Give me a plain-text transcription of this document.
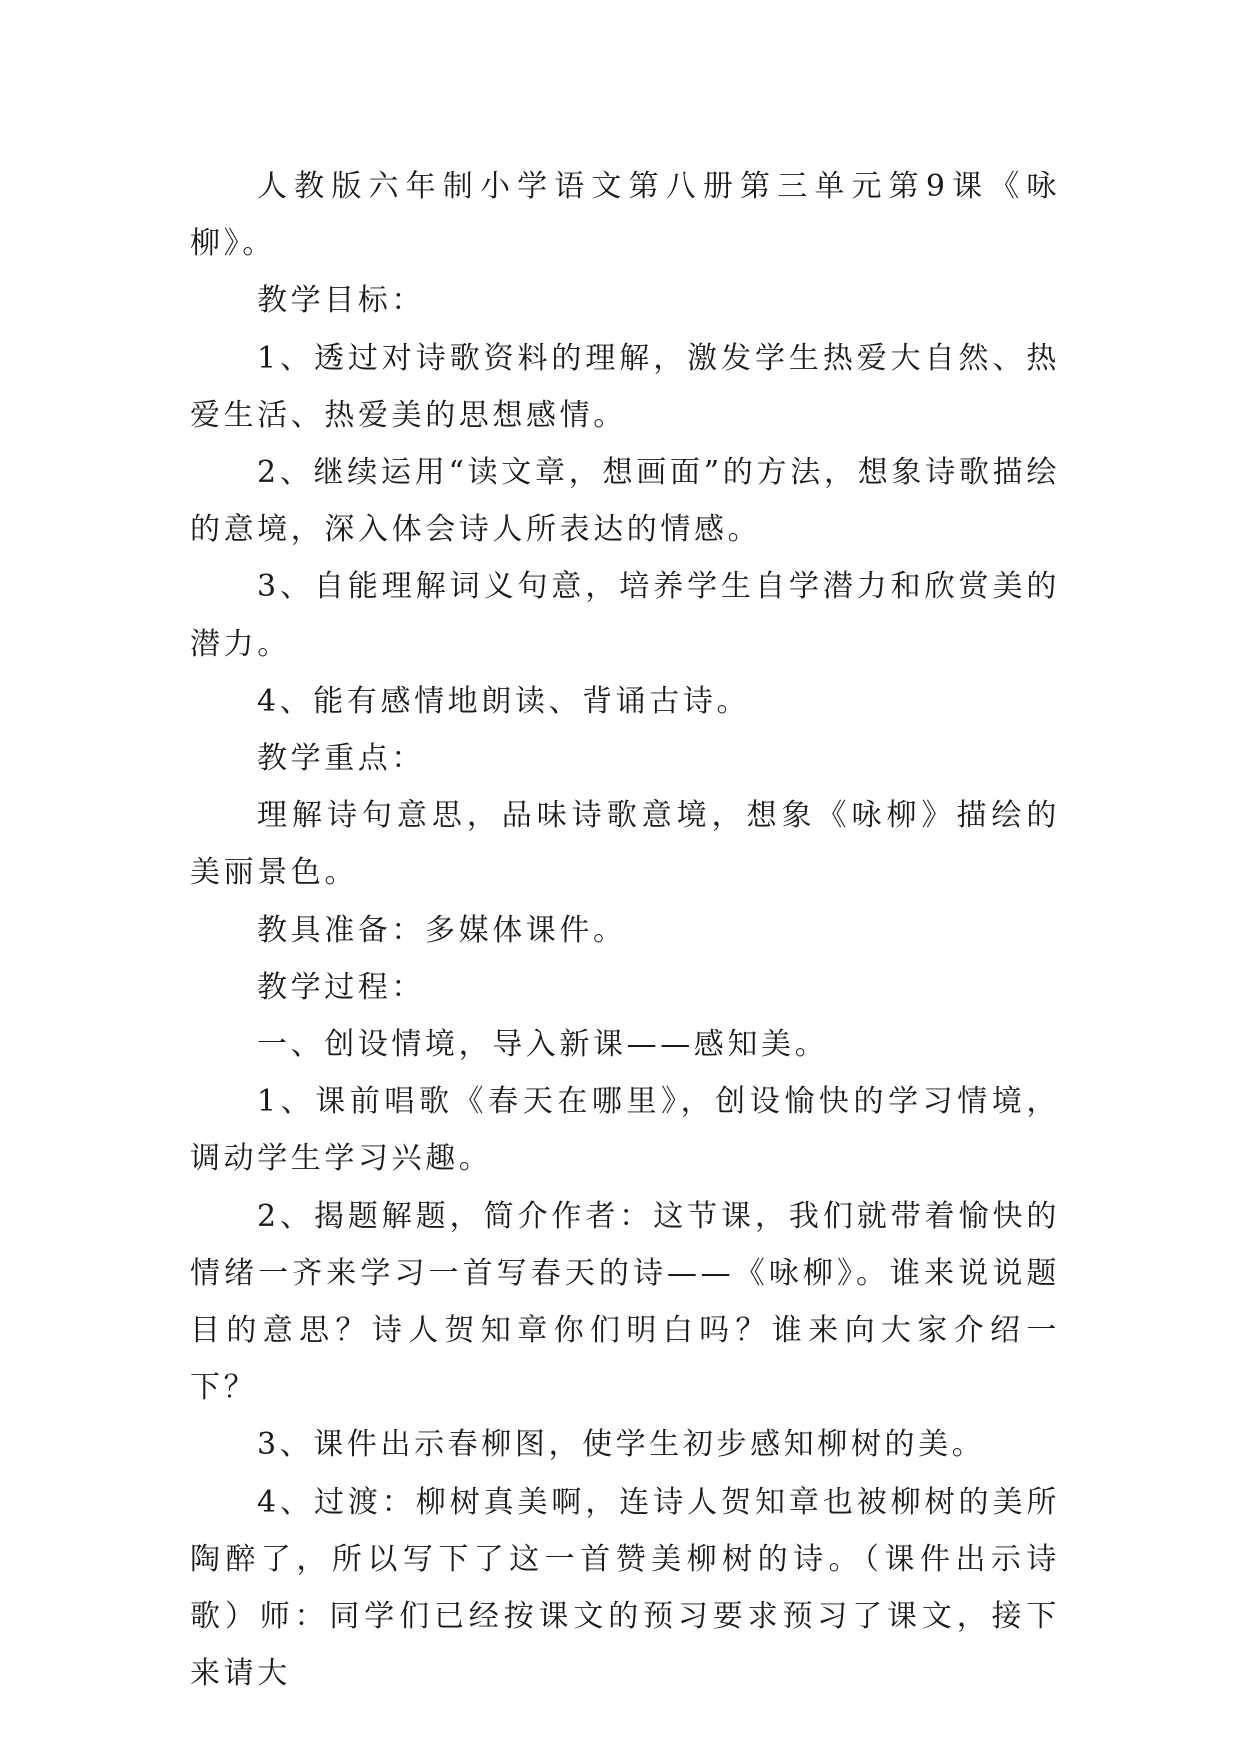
人教版六年制小学语文第八册第三单元第9课《咏柳》。

教学目标：

1、透过对诗歌资料的理解，激发学生热爱大自然、热爱生活、热爱美的思想感情。

2、继续运用“读文章，想画面”的方法，想象诗歌描绘的意境，深入体会诗人所表达的情感。

3、自能理解词义句意，培养学生自学潜力和欣赏美的潜力。

4、能有感情地朗读、背诵古诗。

教学重点：

理解诗句意思，品味诗歌意境，想象《咏柳》描绘的美丽景色。

教具准备：多媒体课件。

教学过程：

一、创设情境，导入新课——感知美。

1、课前唱歌《春天在哪里》，创设愉快的学习情境，调动学生学习兴趣。

2、揭题解题，简介作者：这节课，我们就带着愉快的情绪一齐来学习一首写春天的诗——《咏柳》。谁来说说题目的意思？诗人贺知章你们明白吗？谁来向大家介绍一下？

3、课件出示春柳图，使学生初步感知柳树的美。

4、过渡：柳树真美啊，连诗人贺知章也被柳树的美所陶醉了，所以写下了这一首赞美柳树的诗。（课件出示诗歌）师：同学们已经按课文的预习要求预习了课文，接下来请大
